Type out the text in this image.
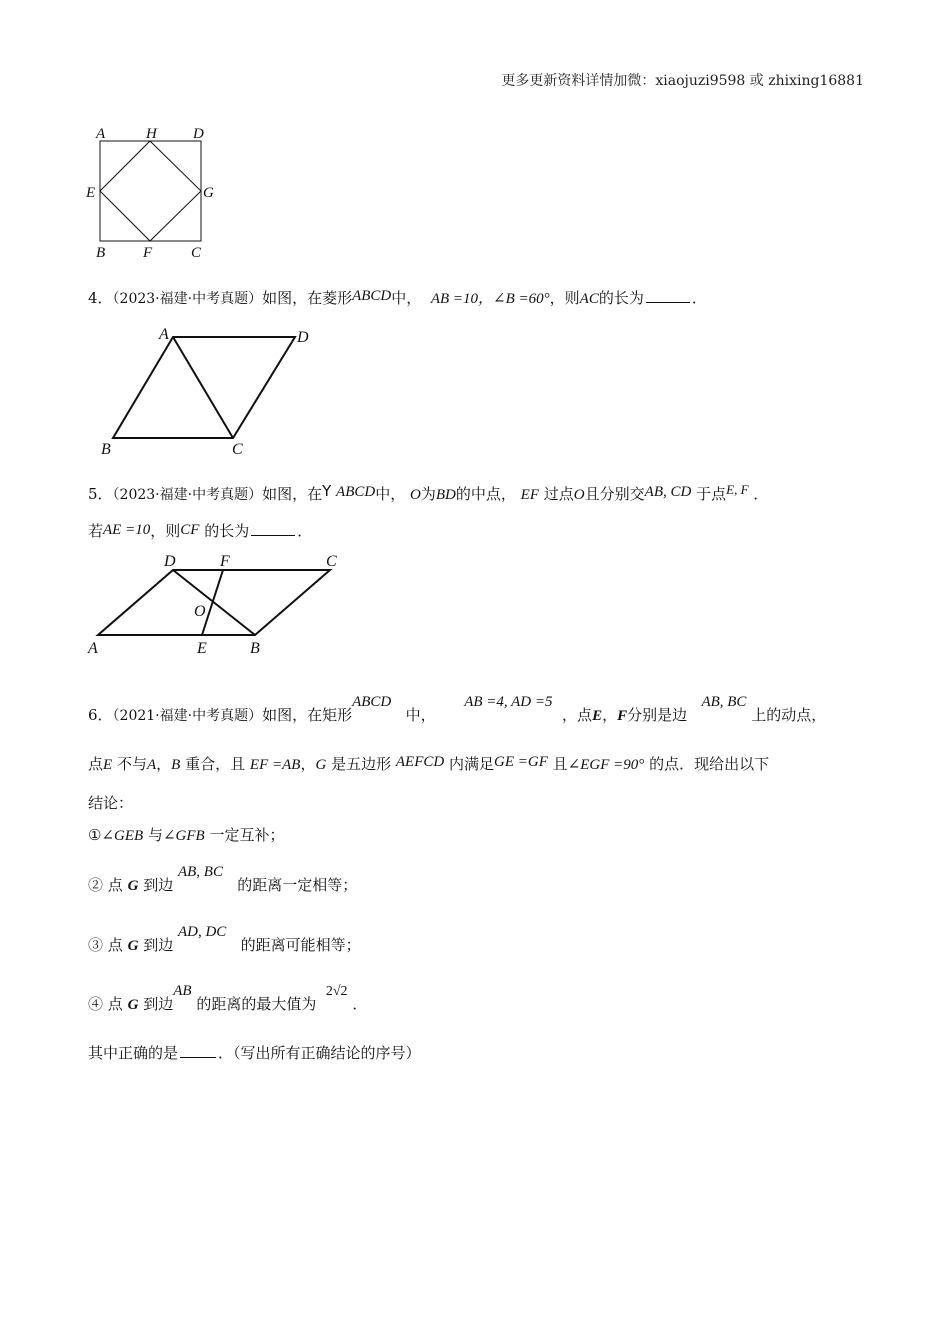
更多更新资料详情加微：xiaojuzi9598 或 zhixing16881
A	H D
E	G
B	F	C
4．（2023·福建·中考真题）如图，在菱形ABCD中， AB =10，∠B =60°，则AC的长为	．
A	D
B	C
5．（2023·福建·中考真题）如图，在Y ABCD中， O为BD的中点， EF 过点O且分别交AB, CD 于点E, F ．
若AE =10，则CF 的长为	．
D	F	C
O
A	E	B
6．（2021·福建·中考真题）如图，在矩形ABCD   中，      AB =4, AD =5  ，点E，F分别是边   AB, BC 上的动点，
点E 不与A，B 重合，且 EF =AB，G 是五边形 AEFCD 内满足GE =GF 且∠EGF =90° 的点．现给出以下
结论：
①∠GEB 与∠GFB 一定互补；
② 点 G 到边 AB, BC   的距离一定相等；
③ 点 G 到边 AD, DC   的距离可能相等；
④ 点 G 到边AB 的距离的最大值为  2√2 ．
其中正确的是	．（写出所有正确结论的序号）
